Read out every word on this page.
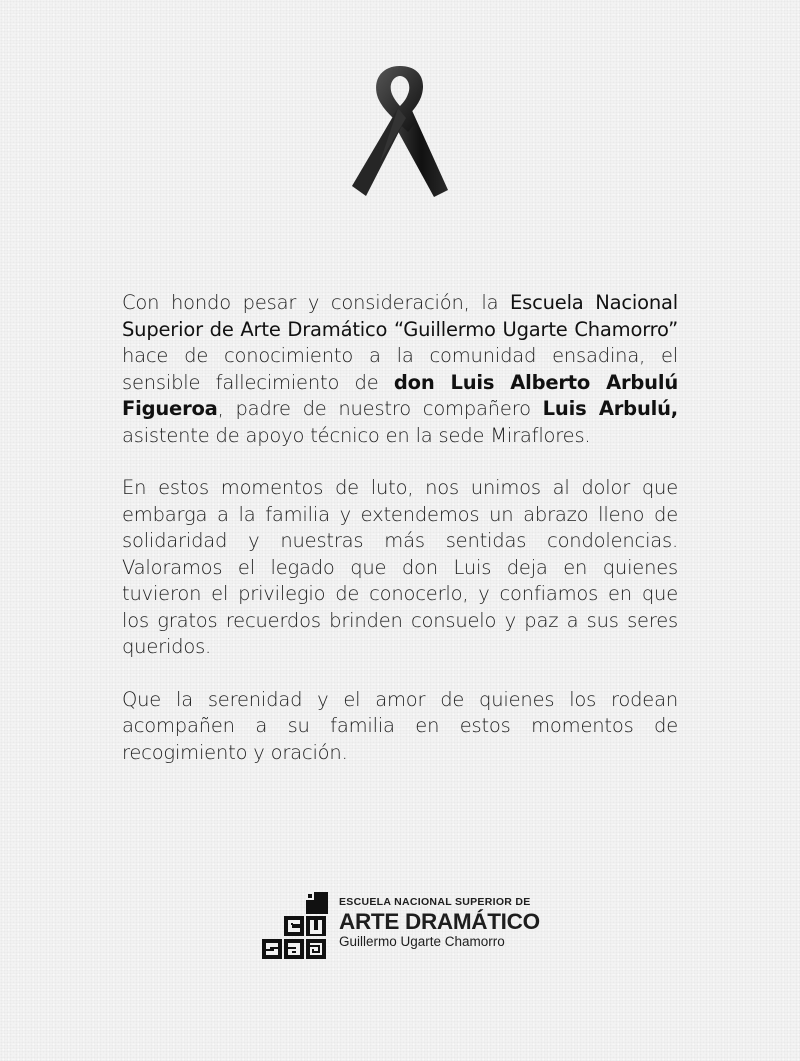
Con hondo pesar y consideración, la Escuela Nacional Superior de Arte Dramático “Guillermo Ugarte Chamorro” hace de conocimiento a la comunidad ensadina, el sensible fallecimiento de don Luis Alberto Arbulú Figueroa, padre de nuestro compañero Luis Arbulú, asistente de apoyo técnico en la sede Miraflores.

En estos momentos de luto, nos unimos al dolor que embarga a la familia y extendemos un abrazo lleno de solidaridad y nuestras más sentidas condolencias. Valoramos el legado que don Luis deja en quienes tuvieron el privilegio de conocerlo, y confiamos en que los gratos recuerdos brinden consuelo y paz a sus seres queridos.

Que la serenidad y el amor de quienes los rodean acompañen a su familia en estos momentos de recogimiento y oración.

ESCUELA NACIONAL SUPERIOR DE
ARTE DRAMÁTICO
Guillermo Ugarte Chamorro
